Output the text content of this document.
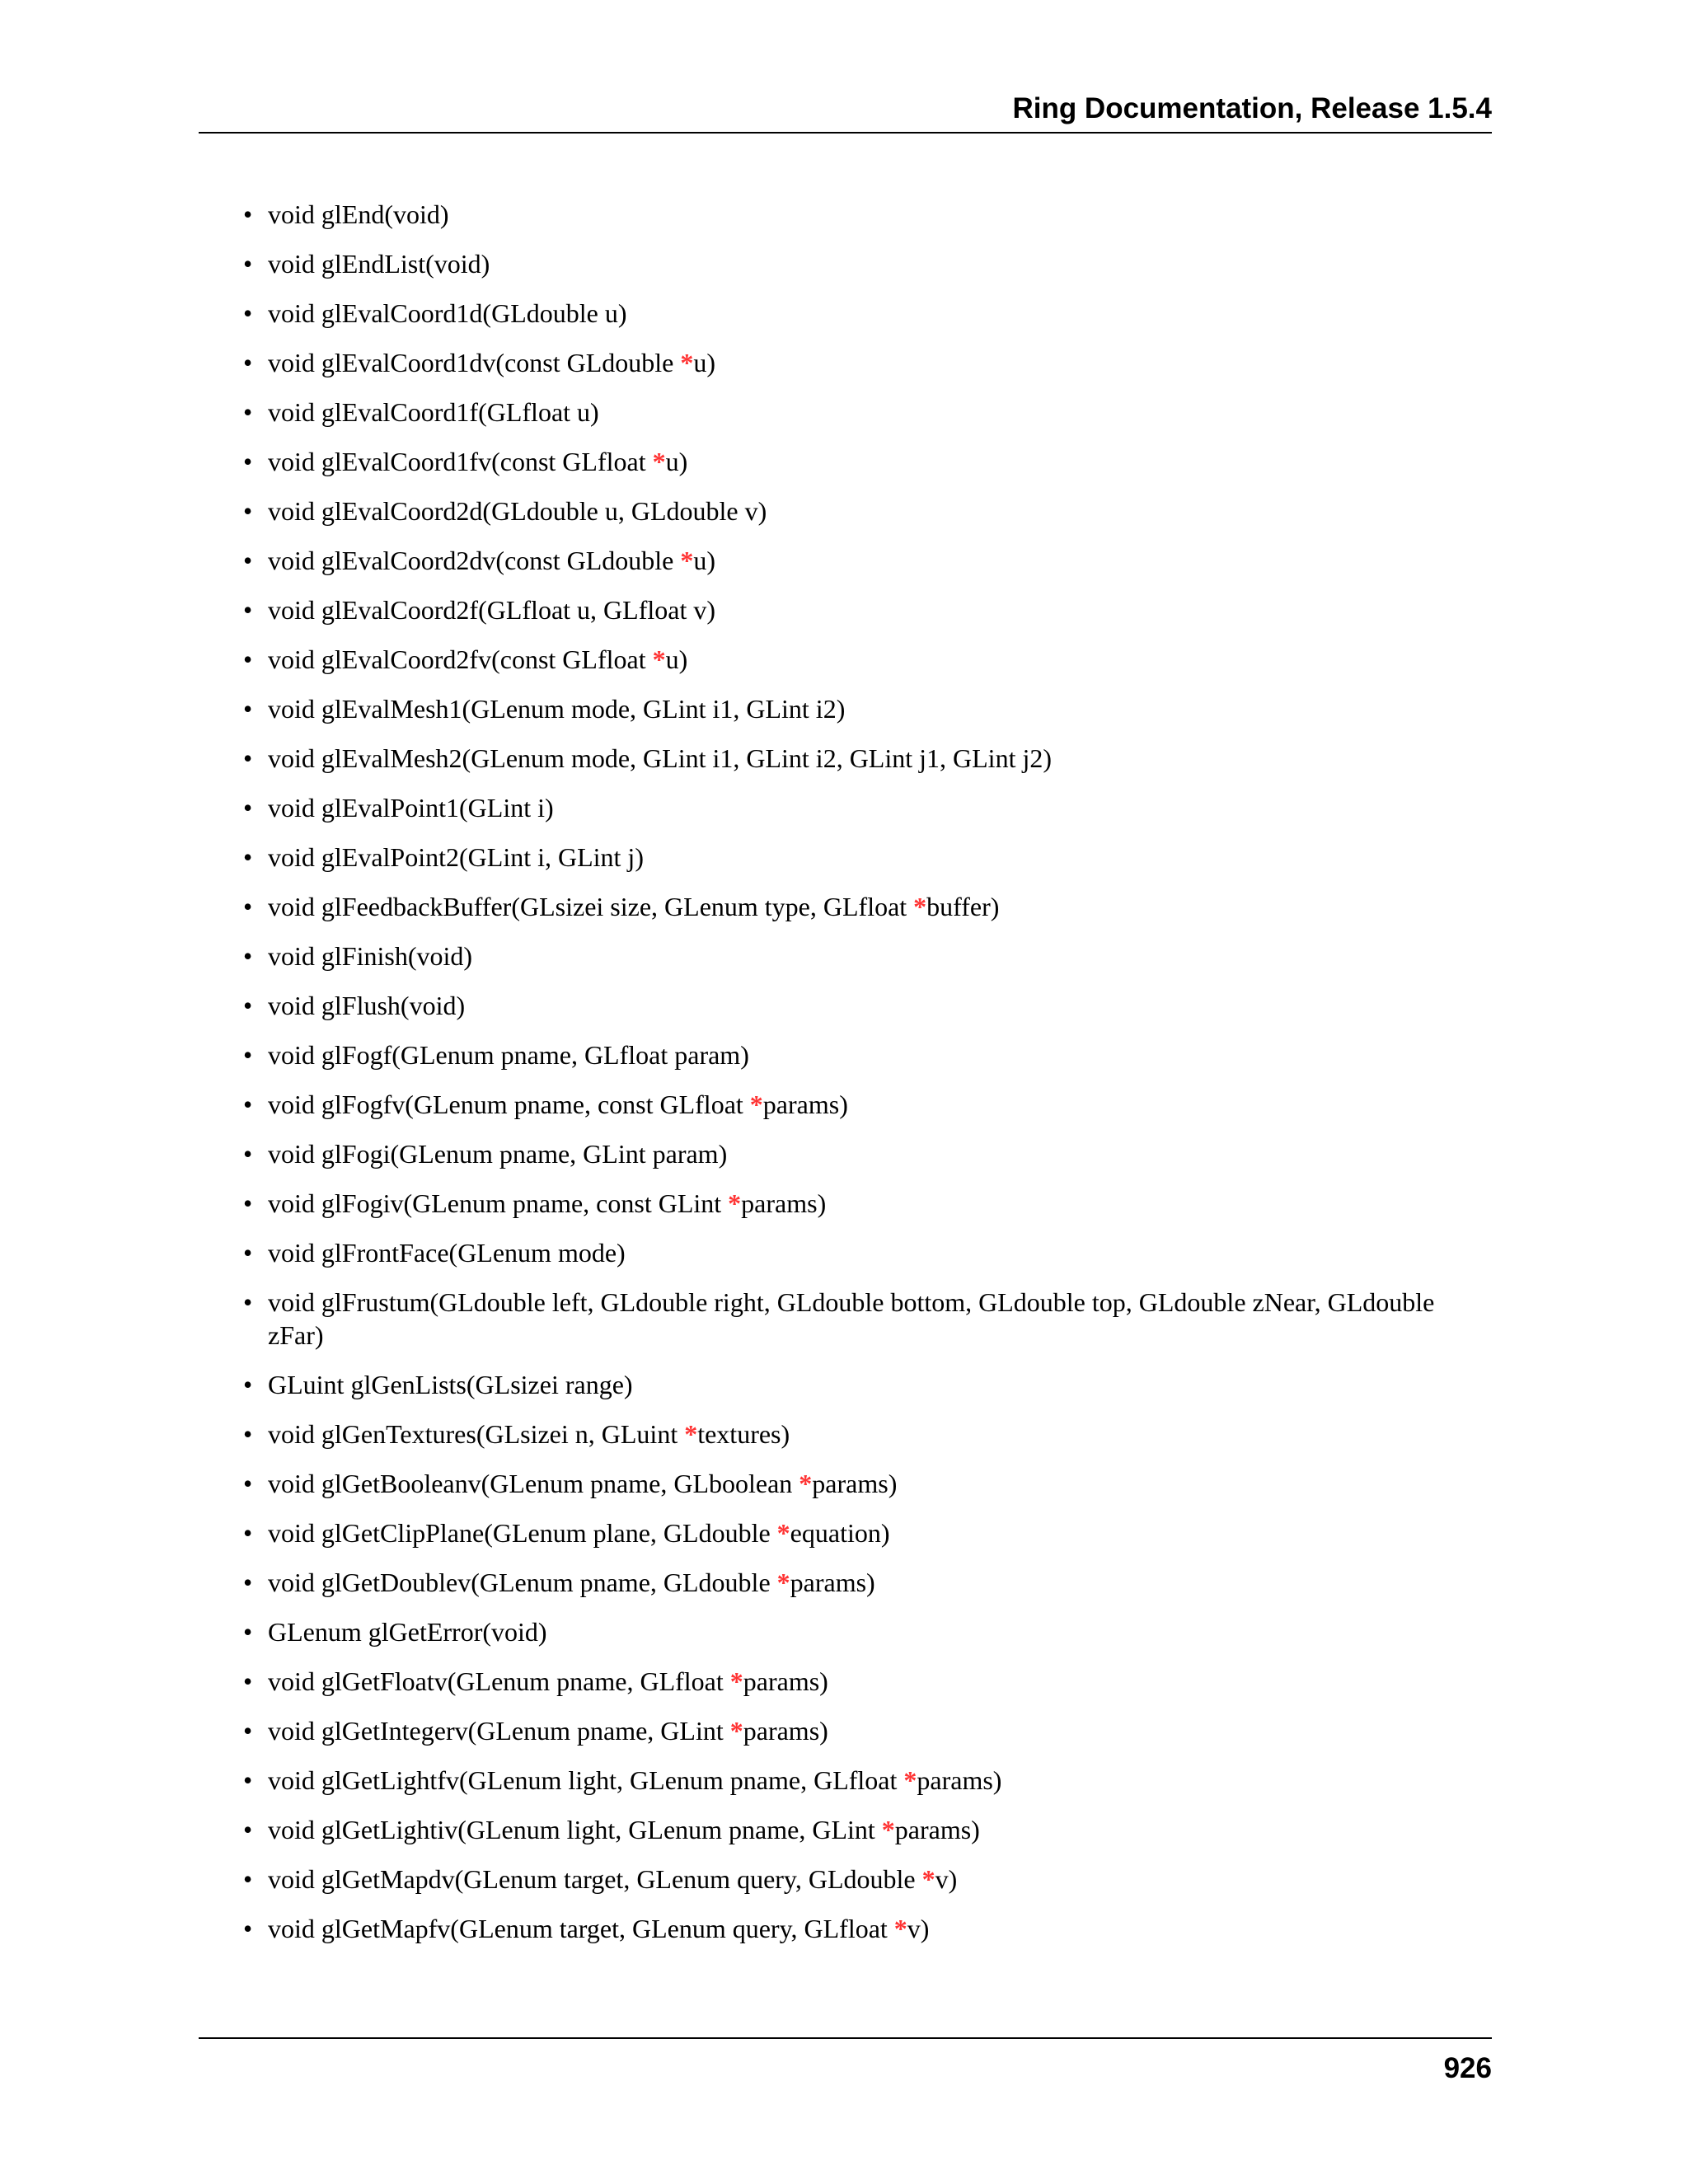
Ring Documentation, Release 1.5.4
• void glEnd(void)
• void glEndList(void)
• void glEvalCoord1d(GLdouble u)
• void glEvalCoord1dv(const GLdouble *u)
• void glEvalCoord1f(GLfloat u)
• void glEvalCoord1fv(const GLfloat *u)
• void glEvalCoord2d(GLdouble u, GLdouble v)
• void glEvalCoord2dv(const GLdouble *u)
• void glEvalCoord2f(GLfloat u, GLfloat v)
• void glEvalCoord2fv(const GLfloat *u)
• void glEvalMesh1(GLenum mode, GLint i1, GLint i2)
• void glEvalMesh2(GLenum mode, GLint i1, GLint i2, GLint j1, GLint j2)
• void glEvalPoint1(GLint i)
• void glEvalPoint2(GLint i, GLint j)
• void glFeedbackBuffer(GLsizei size, GLenum type, GLfloat *buffer)
• void glFinish(void)
• void glFlush(void)
• void glFogf(GLenum pname, GLfloat param)
• void glFogfv(GLenum pname, const GLfloat *params)
• void glFogi(GLenum pname, GLint param)
• void glFogiv(GLenum pname, const GLint *params)
• void glFrontFace(GLenum mode)
• void glFrustum(GLdouble left, GLdouble right, GLdouble bottom, GLdouble top, GLdouble zNear, GLdouble zFar)
• GLuint glGenLists(GLsizei range)
• void glGenTextures(GLsizei n, GLuint *textures)
• void glGetBooleanv(GLenum pname, GLboolean *params)
• void glGetClipPlane(GLenum plane, GLdouble *equation)
• void glGetDoublev(GLenum pname, GLdouble *params)
• GLenum glGetError(void)
• void glGetFloatv(GLenum pname, GLfloat *params)
• void glGetIntegerv(GLenum pname, GLint *params)
• void glGetLightfv(GLenum light, GLenum pname, GLfloat *params)
• void glGetLightiv(GLenum light, GLenum pname, GLint *params)
• void glGetMapdv(GLenum target, GLenum query, GLdouble *v)
• void glGetMapfv(GLenum target, GLenum query, GLfloat *v)
926
